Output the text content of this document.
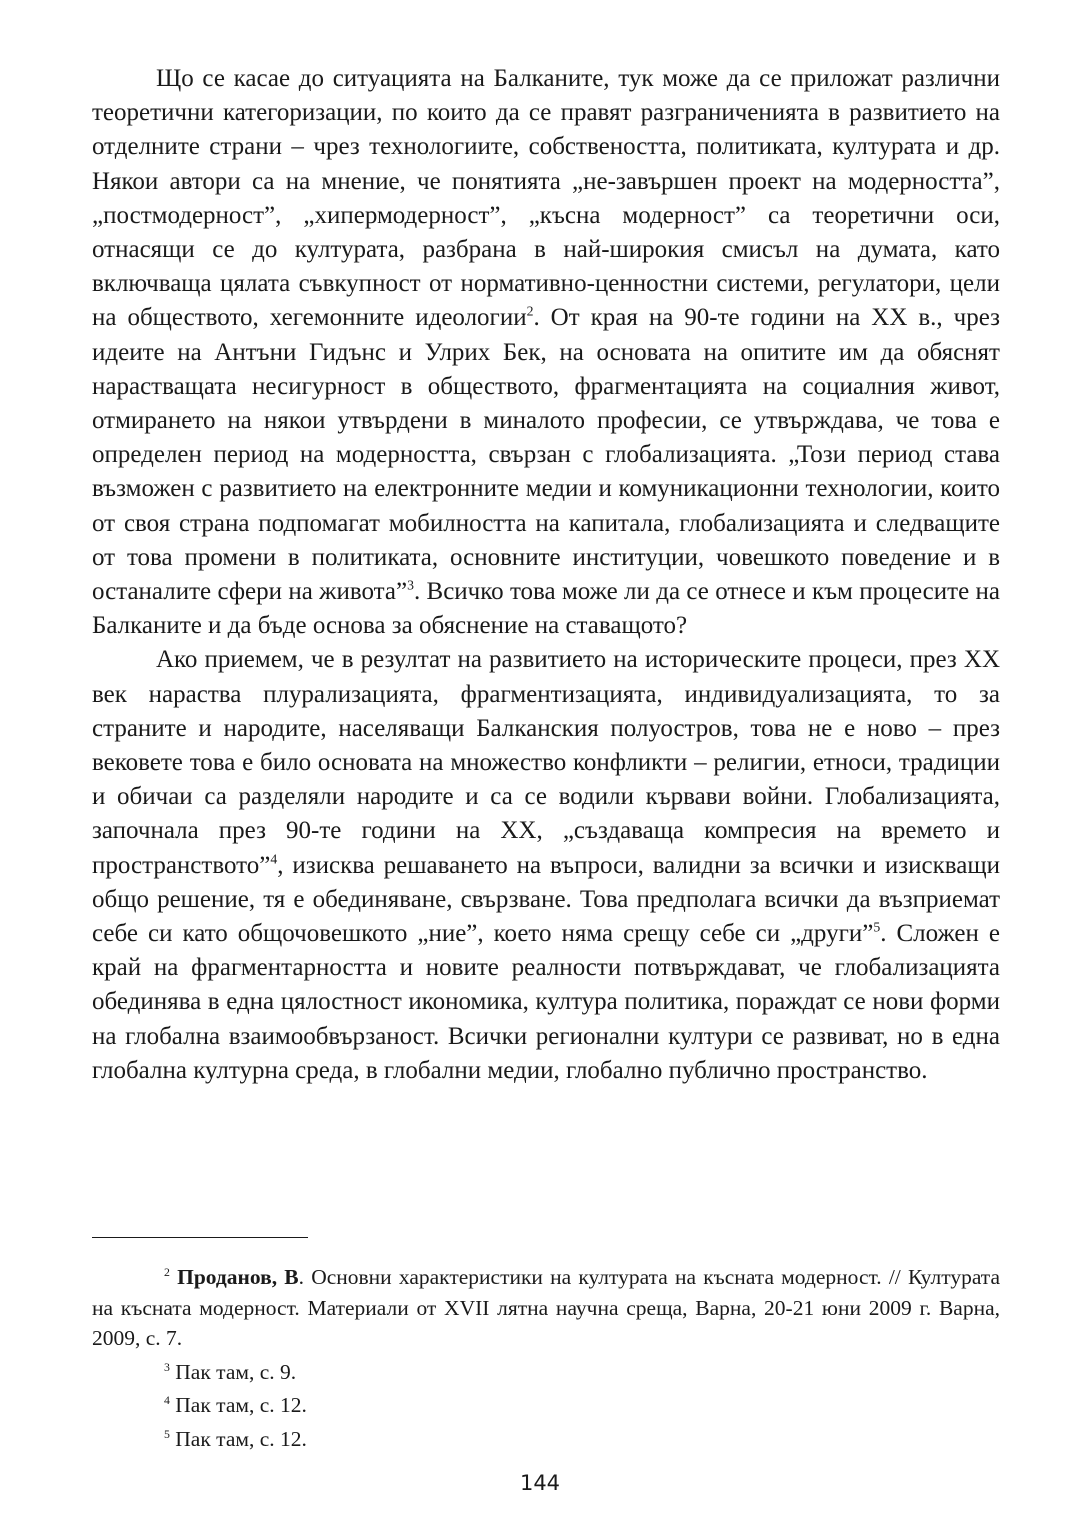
Що се касае до ситуацията на Балканите, тук може да се приложат различни теоретични категоризации, по които да се правят разграниченията в развитието на отделните страни – чрез технологиите, собствеността, политиката, културата и др. Някои автори са на мнение, че понятията „не-завършен проект на модерността”, „постмодерност”, „хипермодерност”, „късна модерност” са теоретични оси, отнасящи се до културата, разбрана в най-широкия смисъл на думата, като включваща цялата съвкупност от нормативно-ценностни системи, регулатори, цели на обществото, хегемонните идеологии$^2$. От края на 90-те години на ХХ в., чрез идеите на Антъни Гидънс и Улрих Бек, на основата на опитите им да обяснят нарастващата несигурност в обществото, фрагментацията на социалния живот, отмирането на някои утвърдени в миналото професии, се утвърждава, че това е определен период на модерността, свързан с глобализацията. „Този период става възможен с развитието на електронните медии и комуникационни технологии, които от своя страна подпомагат мобилността на капитала, глобализацията и следващите от това промени в политиката, основните институции, човешкото поведение и в останалите сфери на живота”$^3$. Всичко това може ли да се отнесе и към процесите на Балканите и да бъде основа за обяснение на ставащото?

Ако приемем, че в резултат на развитието на историческите процеси, през ХХ век нараства плурализацията, фрагментизацията, индивидуализацията, то за страните и народите, населяващи Балканския полуостров, това не е ново – през вековете това е било основата на множество конфликти – религии, етноси, традиции и обичаи са разделяли народите и са се водили кървави войни. Глобализацията, започнала през 90-те години на ХХ, „създаваща компресия на времето и пространството”$^4$, изисква решаването на въпроси, валидни за всички и изискващи общо решение, тя е обединяване, свързване. Това предполага всички да възприемат себе си като общочовешкото „ние”, което няма срещу себе си „други”$^5$. Сложен е край на фрагментарността и новите реалности потвърждават, че глобализацията обединява в една цялостност икономика, култура политика, пораждат се нови форми на глобална взаимообвързаност. Всички регионални култури се развиват, но в една глобална културна среда, в глобални медии, глобално публично пространство.

$^2$ Проданов, В. Основни характеристики на културата на късната модерност. // Културата на късната модерност. Материали от XVII лятна научна среща, Варна, 20-21 юни 2009 г. Варна, 2009, с. 7.

$^3$ Пак там, с. 9.

$^4$ Пак там, с. 12.

$^5$ Пак там, с. 12.

144
